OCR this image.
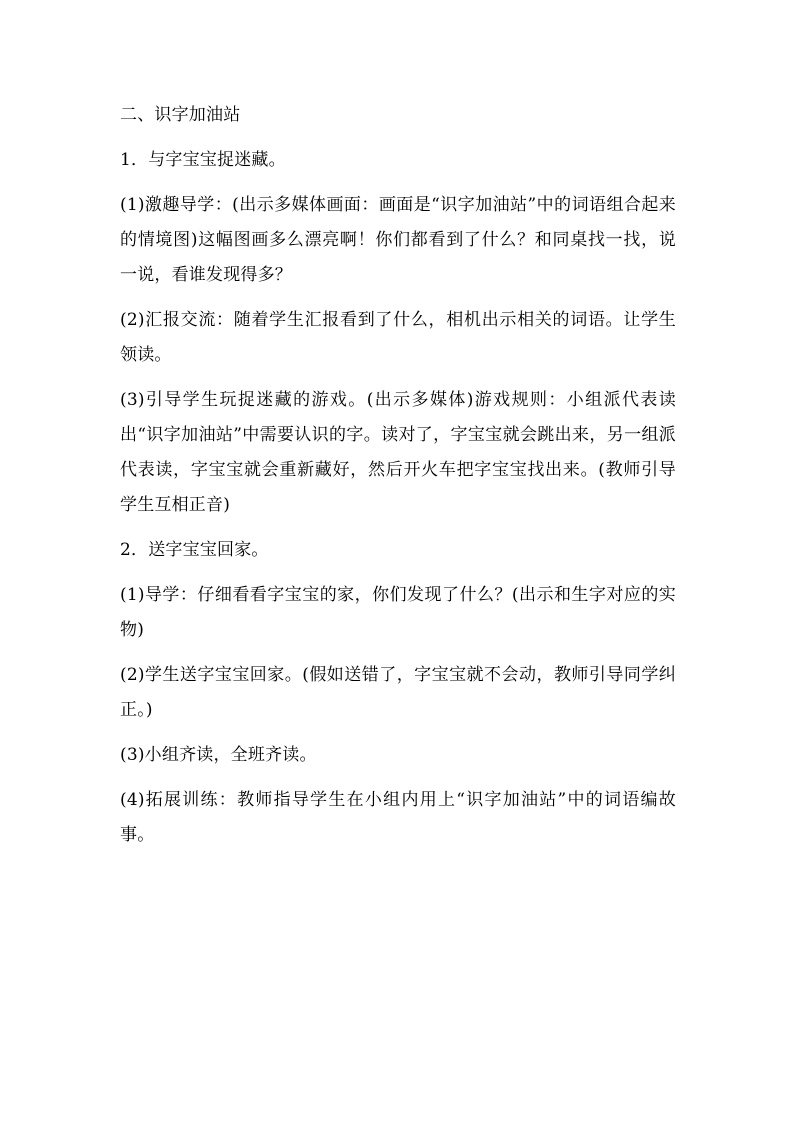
二、识字加油站
1．与字宝宝捉迷藏。
(1)激趣导学：(出示多媒体画面：画面是“识字加油站”中的词语组合起来的情境图)这幅图画多么漂亮啊！你们都看到了什么？和同桌找一找，说一说，看谁发现得多？
(2)汇报交流：随着学生汇报看到了什么，相机出示相关的词语。让学生领读。
(3)引导学生玩捉迷藏的游戏。(出示多媒体)游戏规则：小组派代表读出“识字加油站”中需要认识的字。读对了，字宝宝就会跳出来，另一组派代表读，字宝宝就会重新藏好，然后开火车把字宝宝找出来。(教师引导学生互相正音)
2．送字宝宝回家。
(1)导学：仔细看看字宝宝的家，你们发现了什么？(出示和生字对应的实物)
(2)学生送字宝宝回家。(假如送错了，字宝宝就不会动，教师引导同学纠正。)
(3)小组齐读，全班齐读。
(4)拓展训练：教师指导学生在小组内用上“识字加油站”中的词语编故事。
